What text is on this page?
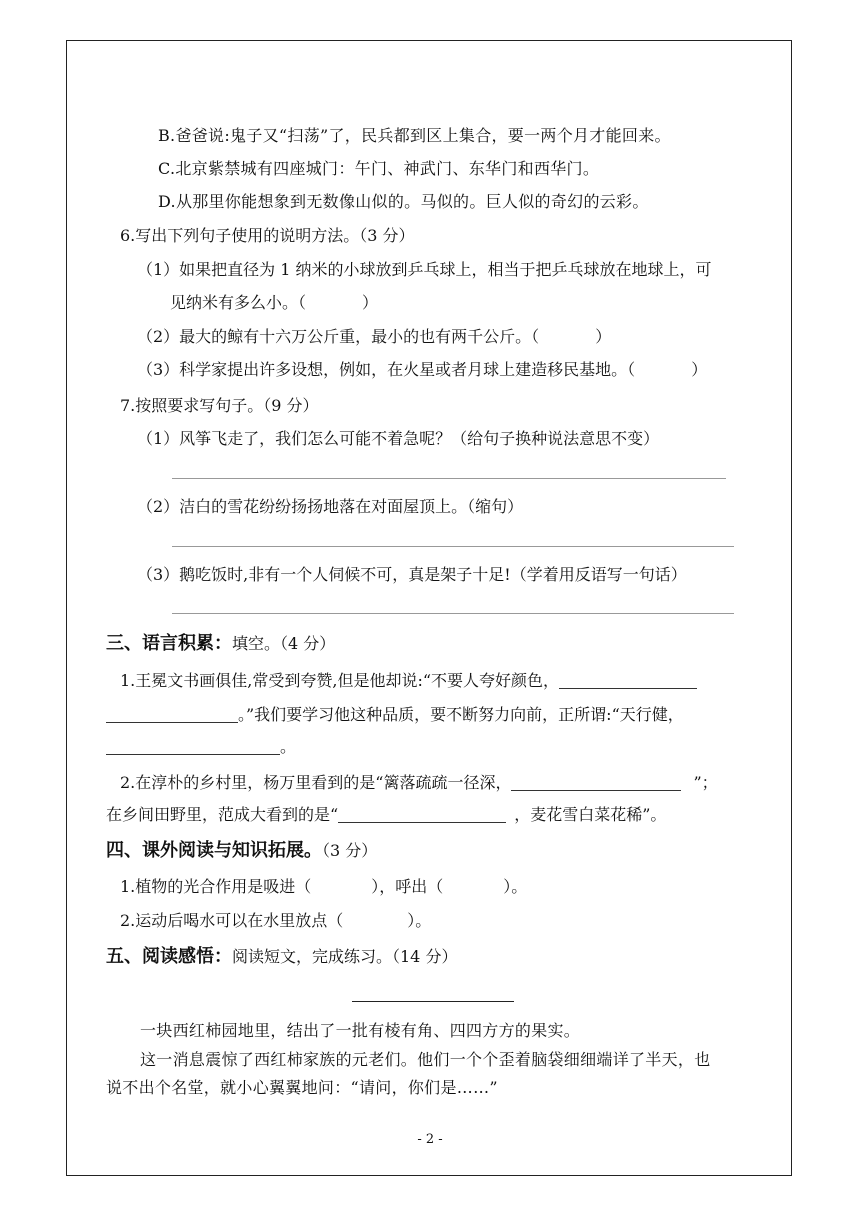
B.爸爸说:鬼子又“扫荡”了，民兵都到区上集合，要一两个月才能回来。
C.北京紫禁城有四座城门：午门、神武门、东华门和西华门。
D.从那里你能想象到无数像山似的。马似的。巨人似的奇幻的云彩。
6.写出下列句子使用的说明方法。（3 分）
（1）如果把直径为 1 纳米的小球放到乒乓球上，相当于把乒乓球放在地球上，可
见纳米有多么小。（	）
（2）最大的鲸有十六万公斤重，最小的也有两千公斤。（	）
（3）科学家提出许多设想，例如，在火星或者月球上建造移民基地。（	）
7.按照要求写句子。（9 分）
（1）风筝飞走了，我们怎么可能不着急呢？（给句子换种说法意思不变）
（2）洁白的雪花纷纷扬扬地落在对面屋顶上。（缩句）
（3）鹅吃饭时,非有一个人伺候不可，真是架子十足!（学着用反语写一句话）
三、语言积累：填空。（4 分）
1.王冕文书画俱佳,常受到夸赞,但是他却说:“不要人夸好颜色，
。”我们要学习他这种品质，要不断努力向前，正所谓:“天行健，
。
2.在淳朴的乡村里，杨万里看到的是“篱落疏疏一径深，	”；
在乡间田野里，范成大看到的是“	，麦花雪白菜花稀”。
四、课外阅读与知识拓展。（3 分）
1.植物的光合作用是吸进（	），呼出（	）。
2.运动后喝水可以在水里放点（	）。
五、阅读感悟：阅读短文，完成练习。（14 分）
一块西红柿园地里，结出了一批有棱有角、四四方方的果实。
这一消息震惊了西红柿家族的元老们。他们一个个歪着脑袋细细端详了半天，也
说不出个名堂，就小心翼翼地问：“请问，你们是……”
- 2 -
